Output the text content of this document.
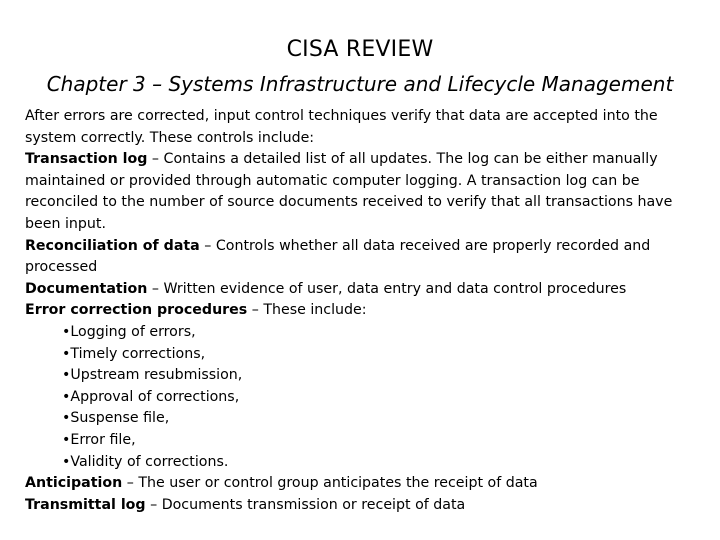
CISA REVIEW
Chapter 3 – Systems Infrastructure and Lifecycle Management

After errors are corrected, input control techniques verify that data are accepted into the system correctly. These controls include:

Transaction log – Contains a detailed list of all updates. The log can be either manually maintained or provided through automatic computer logging. A transaction log can be reconciled to the number of source documents received to verify that all transactions have been input.

Reconciliation of data – Controls whether all data received are properly recorded and processed

Documentation – Written evidence of user, data entry and data control procedures

Error correction procedures – These include:

•Logging of errors,
•Timely corrections,
•Upstream resubmission,
•Approval of corrections,
•Suspense file,
•Error file,
•Validity of corrections.

Anticipation – The user or control group anticipates the receipt of data

Transmittal log – Documents transmission or receipt of data
